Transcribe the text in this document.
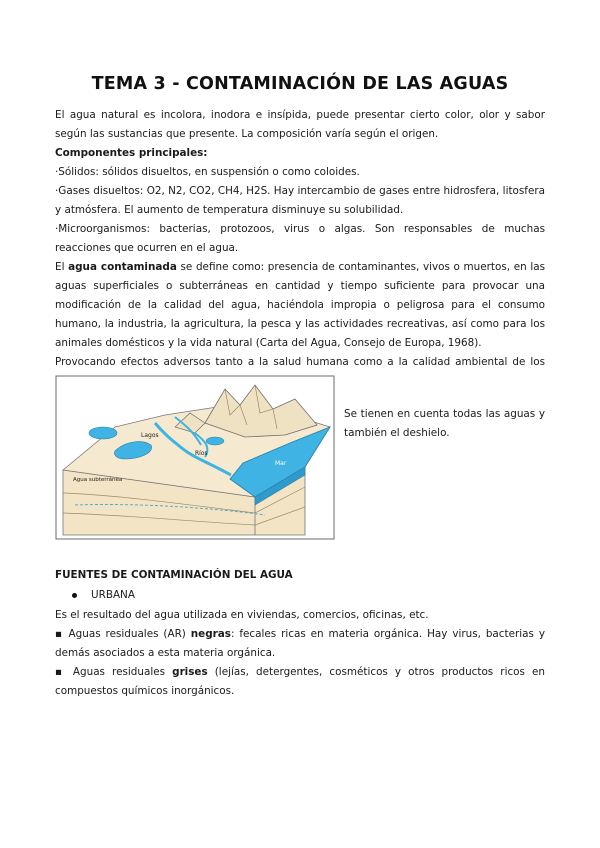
TEMA 3 - CONTAMINACIÓN DE LAS AGUAS

El agua natural es incolora, inodora e insípida, puede presentar cierto color, olor y sabor según las sustancias que presente. La composición varía según el origen.

Componentes principales:

·Sólidos: sólidos disueltos, en suspensión o como coloides.

·Gases disueltos: O2, N2, CO2, CH4, H2S. Hay intercambio de gases entre hidrosfera, litosfera y atmósfera. El aumento de temperatura disminuye su solubilidad.

·Microorganismos: bacterias, protozoos, virus o algas. Son responsables de muchas reacciones que ocurren en el agua.

El agua contaminada se define como: presencia de contaminantes, vivos o muertos, en las aguas superficiales o subterráneas en cantidad y tiempo suficiente para provocar una modificación de la calidad del agua, haciéndola impropia o peligrosa para el consumo humano, la industria, la agricultura, la pesca y las actividades recreativas, así como para los animales domésticos y la vida natural (Carta del Agua, Consejo de Europa, 1968).

Provocando efectos adversos tanto a la salud humana como a la calidad ambiental de los

Lagos
Ríos
Mar
Agua subterránea
Se tienen en cuenta todas las aguas y también el deshielo.
FUENTES DE CONTAMINACIÓN DEL AGUA
URBANA

Es el resultado del agua utilizada en viviendas, comercios, oficinas, etc.

▪ Aguas residuales (AR) negras: fecales ricas en materia orgánica. Hay virus, bacterias y demás asociados a esta materia orgánica.

▪ Aguas residuales grises (lejías, detergentes, cosméticos y otros productos ricos en compuestos químicos inorgánicos.
